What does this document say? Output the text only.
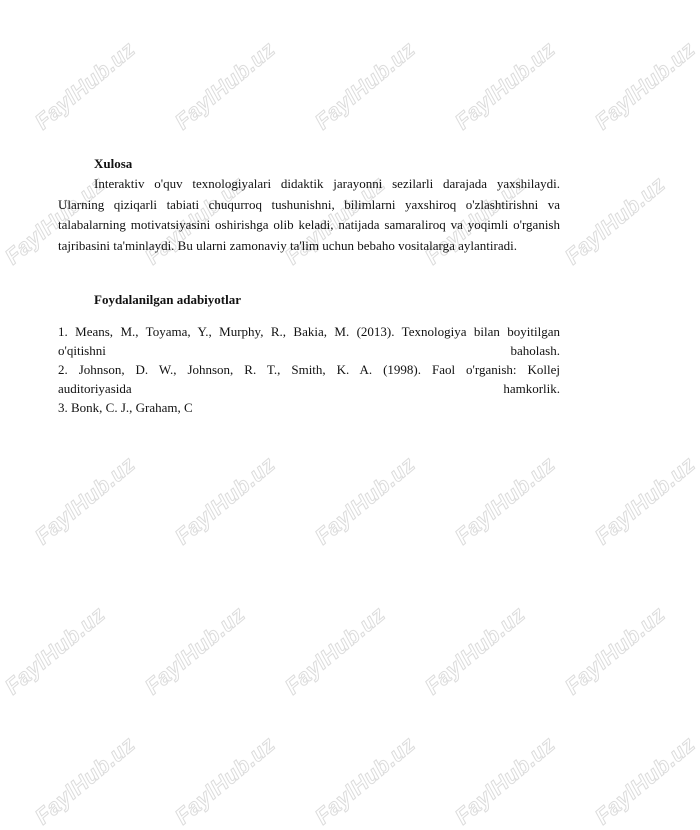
FaylHub.uz FaylHub.uz FaylHub.uz FaylHub.uz FaylHub.uz
FaylHub.uz FaylHub.uz FaylHub.uz FaylHub.uz FaylHub.uz
FaylHub.uz FaylHub.uz FaylHub.uz FaylHub.uz FaylHub.uz
FaylHub.uz FaylHub.uz FaylHub.uz FaylHub.uz FaylHub.uz
FaylHub.uz FaylHub.uz FaylHub.uz FaylHub.uz FaylHub.uz
Xulosa
Interaktiv o'quv texnologiyalari didaktik jarayonni sezilarli darajada yaxshilaydi. Ularning qiziqarli tabiati chuqurroq tushunishni, bilimlarni yaxshiroq o'zlashtirishni va talabalarning motivatsiyasini oshirishga olib keladi, natijada samaraliroq va yoqimli o'rganish tajribasini ta'minlaydi. Bu ularni zamonaviy ta'lim uchun bebaho vositalarga aylantiradi.
Foydalanilgan adabiyotlar
1. Means, M., Toyama, Y., Murphy, R., Bakia, M. (2013). Texnologiya bilan boyitilgan
o'qitishni	baholash.
2. Johnson, D. W., Johnson, R. T., Smith, K. A. (1998). Faol o'rganish: Kollej
auditoriyasida	hamkorlik.
3. Bonk, C. J., Graham, C
